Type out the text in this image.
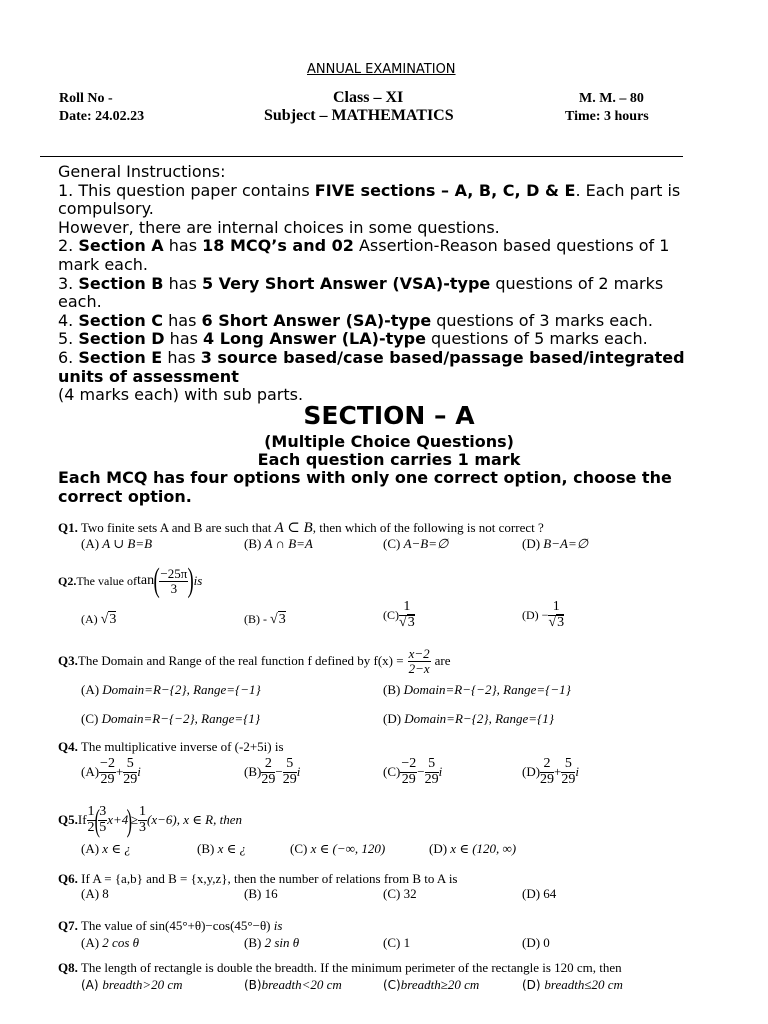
ANNUAL EXAMINATION
Roll No -	Class – XI	M. M. – 80
Date: 24.02.23	Subject – MATHEMATICS	Time: 3 hours
General Instructions:
1. This question paper contains FIVE sections – A, B, C, D & E. Each part is
compulsory.
However, there are internal choices in some questions.
2. Section A has 18 MCQ’s and 02 Assertion-Reason based questions of 1
mark each.
3. Section B has 5 Very Short Answer (VSA)-type questions of 2 marks
each.
4. Section C has 6 Short Answer (SA)-type questions of 3 marks each.
5. Section D has 4 Long Answer (LA)-type questions of 5 marks each.
6. Section E has 3 source based/case based/passage based/integrated
units of assessment
(4 marks each) with sub parts.
SECTION – A
(Multiple Choice Questions)
Each question carries 1 mark
Each MCQ has four options with only one correct option, choose the
correct option.
Q1. Two finite sets A and B are such that A ⊂ B, then which of the following is not correct ?
(A) A ∪ B=B	(B) A ∩ B=A	(C) A−B=∅	(D) B−A=∅
Q2. The value of tan ( $\frac{-25\pi}{3}$ ) is
(A) √3	(B) - √3	$(C) \frac{1}{√3}$	$(D) - \frac{1}{√3}$
Q3. The Domain and Range of the real function f defined by $f(x) = \frac{x-2}{2-x}$ are
(A) Domain=R−{2}, Range={−1}	(B) Domain=R−{−2}, Range={−1}
(C) Domain=R−{−2}, Range={1}	(D) Domain=R−{2}, Range={1}
Q4. The multiplicative inverse of (-2+5i) is
$(A) \frac{-2}{29} + \frac{5}{29}$ i	$(B) \frac{2}{29} - \frac{5}{29}$ i	$(C) \frac{-2}{29} - \frac{5}{29}$ i	$(D) \frac{2}{29} + \frac{5}{29}$ i
Q5. If $\frac{1}{2}$
(
$\frac{3}{5} x+4$
)
≥ $\frac{1}{3} (x-6)$, x ∈ R, then
(A) x ∈ ¿	(B) x ∈ ¿	(C) x ∈ (−∞, 120)	(D) x ∈ (120, ∞)
Q6. If A = {a,b} and B = {x,y,z}, then the number of relations from B to A is
(A) 8	(B) 16	(C) 32	(D) 64
Q7. The value of sin(45°+θ)−cos(45°−θ) is
(A) 2 cos θ	(B) 2 sin θ	(C) 1	(D) 0
Q8. The length of rectangle is double the breadth. If the minimum perimeter of the rectangle is 120 cm, then
(A) breadth>20 cm	(B)breadth<20 cm	(C)breadth≥20 cm	(D) breadth≤20 cm
